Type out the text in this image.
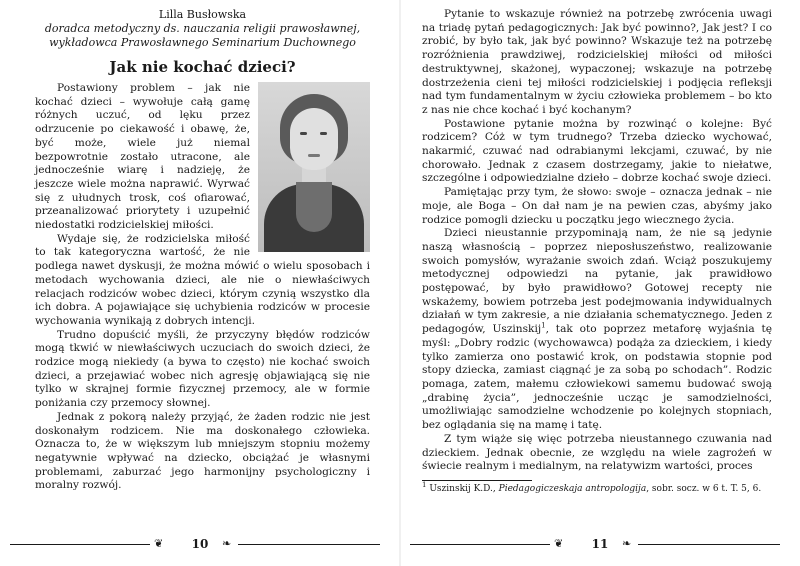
Lilla Busłowska
doradca metodyczny ds. nauczania religii prawosławnej,
wykładowca Prawosławnego Seminarium Duchownego
Jak nie kochać dzieci?

Postawiony problem – jak nie kochać dzieci – wywołuje całą gamę różnych uczuć, od lęku przez odrzucenie po ciekawość i obawę, że, być może, wiele już niemal bezpowrotnie zostało utracone, ale jednocześnie wiarę i nadzieję, że jeszcze wiele można naprawić. Wyrwać się z ułudnych trosk, coś ofiarować, przeanalizować priorytety i uzupełnić niedostatki rodzicielskiej miłości.

Wydaje się, że rodzicielska miłość to tak kategoryczna wartość, że nie podlega nawet dyskusji, że można mówić o wielu sposobach i metodach wychowania dzieci, ale nie o niewłaściwych relacjach rodziców wobec dzieci, którym czynią wszystko dla ich dobra. A pojawiające się uchybienia rodziców w procesie wychowania wynikają z dobrych intencji.

Trudno dopuścić myśli, że przyczyny błędów rodziców mogą tkwić w niewłaściwych uczuciach do swoich dzieci, że rodzice mogą niekiedy (a bywa to często) nie kochać swoich dzieci, a przejawiać wobec nich agresję objawiającą się nie tylko w skrajnej formie fizycznej przemocy, ale w formie poniżania czy przemocy słownej.

Jednak z pokorą należy przyjąć, że żaden rodzic nie jest doskonałym rodzicem. Nie ma doskonałego człowieka. Oznacza to, że w większym lub mniejszym stopniu możemy negatywnie wpływać na dziecko, obciążać je własnymi problemami, zaburzać jego harmonijny psychologiczny i moralny rozwój.

❦	10	❧

Pytanie to wskazuje również na potrzebę zwrócenia uwagi na triadę pytań pedagogicznych: Jak być powinno?, Jak jest? I co zrobić, by było tak, jak być powinno? Wskazuje też na potrzebę rozróżnienia prawdziwej, rodzicielskiej miłości od miłości destruktywnej, skażonej, wypaczonej; wskazuje na potrzebę dostrzeżenia cieni tej miłości rodzicielskiej i podjęcia refleksji nad tym fundamentalnym w życiu człowieka problemem – bo kto z nas nie chce kochać i być kochanym?

Postawione pytanie można by rozwinąć o kolejne: Być rodzicem? Cóż w tym trudnego? Trzeba dziecko wychować, nakarmić, czuwać nad odrabianymi lekcjami, czuwać, by nie chorowało. Jednak z czasem dostrzegamy, jakie to niełatwe, szczególne i odpowiedzialne dzieło – dobrze kochać swoje dzieci.

Pamiętając przy tym, że słowo: swoje – oznacza jednak – nie moje, ale Boga – On dał nam je na pewien czas, abyśmy jako rodzice pomogli dziecku u początku jego wiecznego życia.

Dzieci nieustannie przypominają nam, że nie są jedynie naszą własnością – poprzez nieposłuszeństwo, realizowanie swoich pomysłów, wyrażanie swoich zdań. Wciąż poszukujemy metodycznej odpowiedzi na pytanie, jak prawidłowo postępować, by było prawidłowo? Gotowej recepty nie wskażemy, bowiem potrzeba jest podejmowania indywidualnych działań w tym zakresie, a nie działania schematycznego. Jeden z pedagogów, Uszinskij$^1$, tak oto poprzez metaforę wyjaśnia tę myśl: „Dobry rodzic (wychowawca) podąża za dzieckiem, i kiedy tylko zamierza ono postawić krok, on podstawia stopnie pod stopy dziecka, zamiast ciągnąć je za sobą po schodach”. Rodzic pomaga, zatem, małemu człowiekowi samemu budować swoją „drabinę życia”, jednocześnie ucząc je samodzielności, umożliwiając samodzielne wchodzenie po kolejnych stopniach, bez oglądania się na mamę i tatę.

Z tym wiąże się więc potrzeba nieustannego czuwania nad dzieckiem. Jednak obecnie, ze względu na wiele zagrożeń w świecie realnym i medialnym, na relatywizm wartości, proces

$^1$ Uszinskij K.D., Piedagogiczeskaja antropologija, sobr. socz. w 6 t. T. 5, 6.
❦	11	❧
